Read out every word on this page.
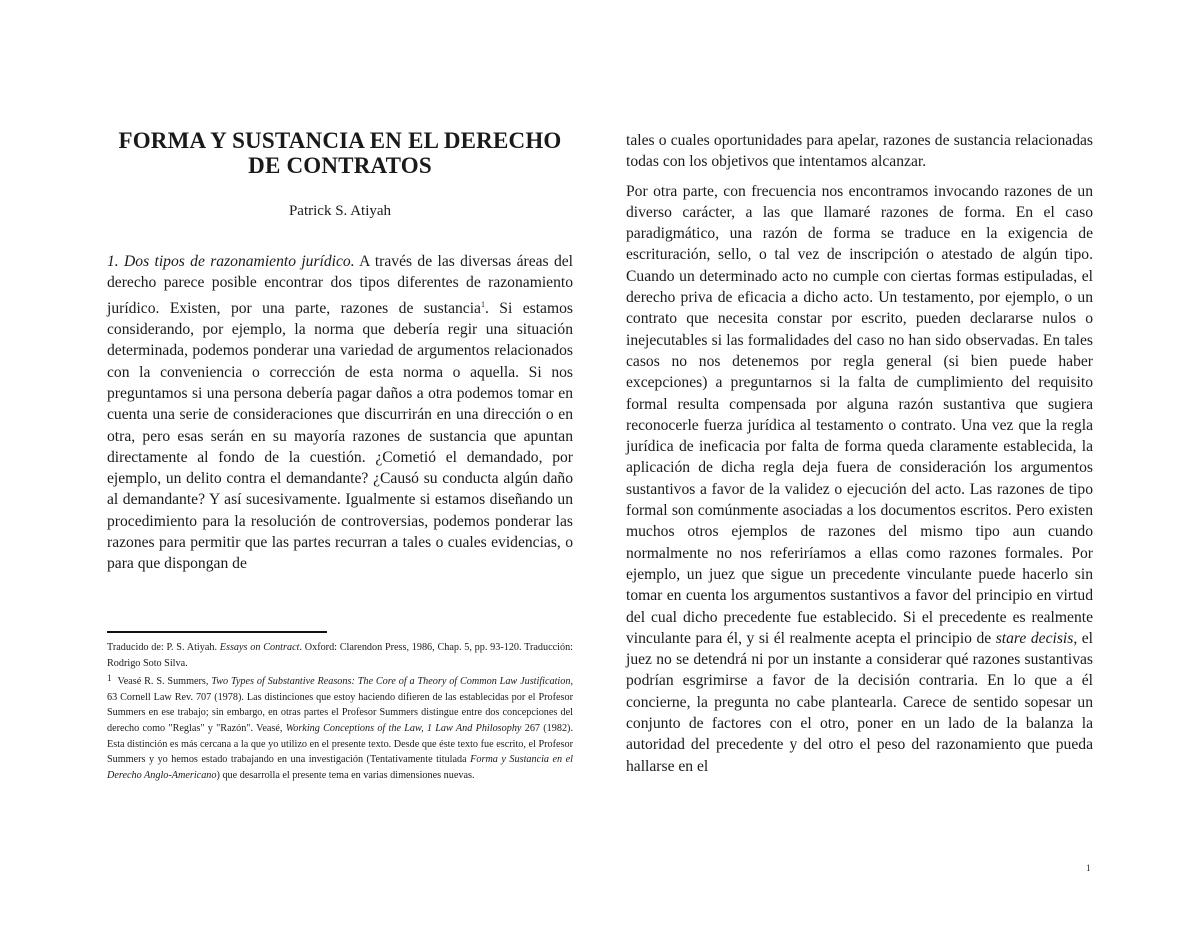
FORMA Y SUSTANCIA EN EL DERECHO
DE CONTRATOS
Patrick S. Atiyah

1. Dos tipos de razonamiento jurídico. A través de las diversas áreas del derecho parece posible encontrar dos tipos diferentes de razonamiento jurídico. Existen, por una parte, razones de sustancia$^1$. Si estamos considerando, por ejemplo, la norma que debería regir una situación determinada, podemos ponderar una variedad de argumentos relacionados con la conveniencia o corrección de esta norma o aquella. Si nos preguntamos si una persona debería pagar daños a otra podemos tomar en cuenta una serie de consideraciones que discurrirán en una dirección o en otra, pero esas serán en su mayoría razones de sustancia que apuntan directamente al fondo de la cuestión. ¿Cometió el demandado, por ejemplo, un delito contra el demandante? ¿Causó su conducta algún daño al demandante? Y así sucesivamente. Igualmente si estamos diseñando un procedimiento para la resolución de controversias, podemos ponderar las razones para permitir que las partes recurran a tales o cuales evidencias, o para que dispongan de

Traducido de: P. S. Atiyah. Essays on Contract. Oxford: Clarendon Press, 1986, Chap. 5, pp. 93-120. Traducción: Rodrigo Soto Silva.

1 Veasé R. S. Summers, Two Types of Substantive Reasons: The Core of a Theory of Common Law Justification, 63 Cornell Law Rev. 707 (1978). Las distinciones que estoy haciendo difieren de las establecidas por el Profesor Summers en ese trabajo; sin embargo, en otras partes el Profesor Summers distingue entre dos concepciones del derecho como "Reglas" y "Razón". Veasé, Working Conceptions of the Law, 1 Law And Philosophy 267 (1982). Esta distinción es más cercana a la que yo utilizo en el presente texto. Desde que éste texto fue escrito, el Profesor Summers y yo hemos estado trabajando en una investigación (Tentativamente titulada Forma y Sustancia en el Derecho Anglo-Americano) que desarrolla el presente tema en varias dimensiones nuevas.

tales o cuales oportunidades para apelar, razones de sustancia relacionadas todas con los objetivos que intentamos alcanzar.

Por otra parte, con frecuencia nos encontramos invocando razones de un diverso carácter, a las que llamaré razones de forma. En el caso paradigmático, una razón de forma se traduce en la exigencia de escrituración, sello, o tal vez de inscripción o atestado de algún tipo. Cuando un determinado acto no cumple con ciertas formas estipuladas, el derecho priva de eficacia a dicho acto. Un testamento, por ejemplo, o un contrato que necesita constar por escrito, pueden declararse nulos o inejecutables si las formalidades del caso no han sido observadas. En tales casos no nos detenemos por regla general (si bien puede haber excepciones) a preguntarnos si la falta de cumplimiento del requisito formal resulta compensada por alguna razón sustantiva que sugiera reconocerle fuerza jurídica al testamento o contrato. Una vez que la regla jurídica de ineficacia por falta de forma queda claramente establecida, la aplicación de dicha regla deja fuera de consideración los argumentos sustantivos a favor de la validez o ejecución del acto. Las razones de tipo formal son comúnmente asociadas a los documentos escritos. Pero existen muchos otros ejemplos de razones del mismo tipo aun cuando normalmente no nos referiríamos a ellas como razones formales. Por ejemplo, un juez que sigue un precedente vinculante puede hacerlo sin tomar en cuenta los argumentos sustantivos a favor del principio en virtud del cual dicho precedente fue establecido. Si el precedente es realmente vinculante para él, y si él realmente acepta el principio de stare decisis, el juez no se detendrá ni por un instante a considerar qué razones sustantivas podrían esgrimirse a favor de la decisión contraria. En lo que a él concierne, la pregunta no cabe plantearla. Carece de sentido sopesar un conjunto de factores con el otro, poner en un lado de la balanza la autoridad del precedente y del otro el peso del razonamiento que pueda hallarse en el

1
